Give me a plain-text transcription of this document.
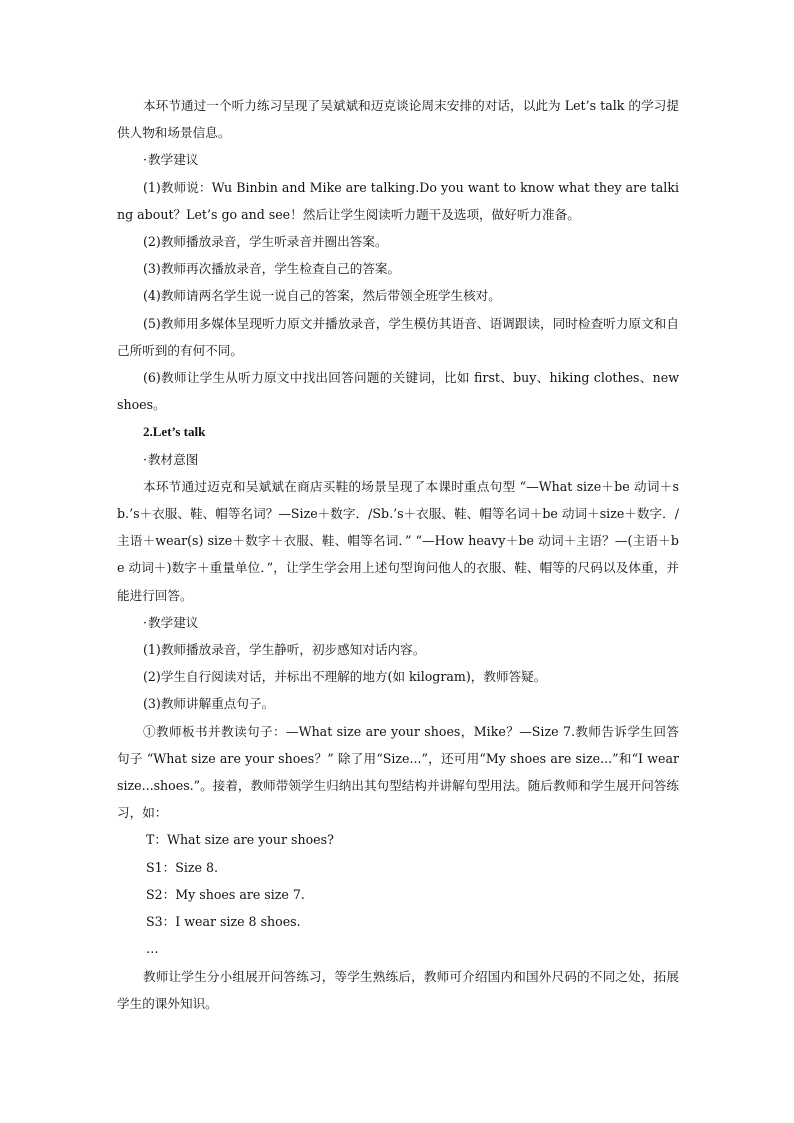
本环节通过一个听力练习呈现了吴斌斌和迈克谈论周末安排的对话，以此为 Let’s talk 的学习提供人物和场景信息。

·教学建议

(1)教师说：Wu Binbin and Mike are talking.Do you want to know what they are talking about？Let’s go and see！然后让学生阅读听力题干及选项，做好听力准备。

(2)教师播放录音，学生听录音并圈出答案。

(3)教师再次播放录音，学生检查自己的答案。

(4)教师请两名学生说一说自己的答案，然后带领全班学生核对。

(5)教师用多媒体呈现听力原文并播放录音，学生模仿其语音、语调跟读，同时检查听力原文和自己所听到的有何不同。

(6)教师让学生从听力原文中找出回答问题的关键词，比如 first、buy、hiking clothes、new shoes。

2.Let’s talk

·教材意图

本环节通过迈克和吴斌斌在商店买鞋的场景呈现了本课时重点句型 “—What size＋be 动词＋sb.’s＋衣服、鞋、帽等名词？—Size＋数字．/Sb.’s＋衣服、鞋、帽等名词＋be 动词＋size＋数字．/主语＋wear(s) size＋数字＋衣服、鞋、帽等名词．” “—How heavy＋be 动词＋主语？—(主语＋be 动词＋)数字＋重量单位．”，让学生学会用上述句型询问他人的衣服、鞋、帽等的尺码以及体重，并能进行回答。

·教学建议

(1)教师播放录音，学生静听，初步感知对话内容。

(2)学生自行阅读对话，并标出不理解的地方(如 kilogram)，教师答疑。

(3)教师讲解重点句子。

①教师板书并教读句子：—What size are your shoes，Mike？—Size 7.教师告诉学生回答句子 “What size are your shoes？” 除了用“Size...”，还可用“My shoes are size...”和“I wear size...shoes.”。接着，教师带领学生归纳出其句型结构并讲解句型用法。随后教师和学生展开问答练习，如：

T：What size are your shoes?

S1：Size 8.

S2：My shoes are size 7.

S3：I wear size 8 shoes.

…

教师让学生分小组展开问答练习，等学生熟练后，教师可介绍国内和国外尺码的不同之处，拓展学生的课外知识。
